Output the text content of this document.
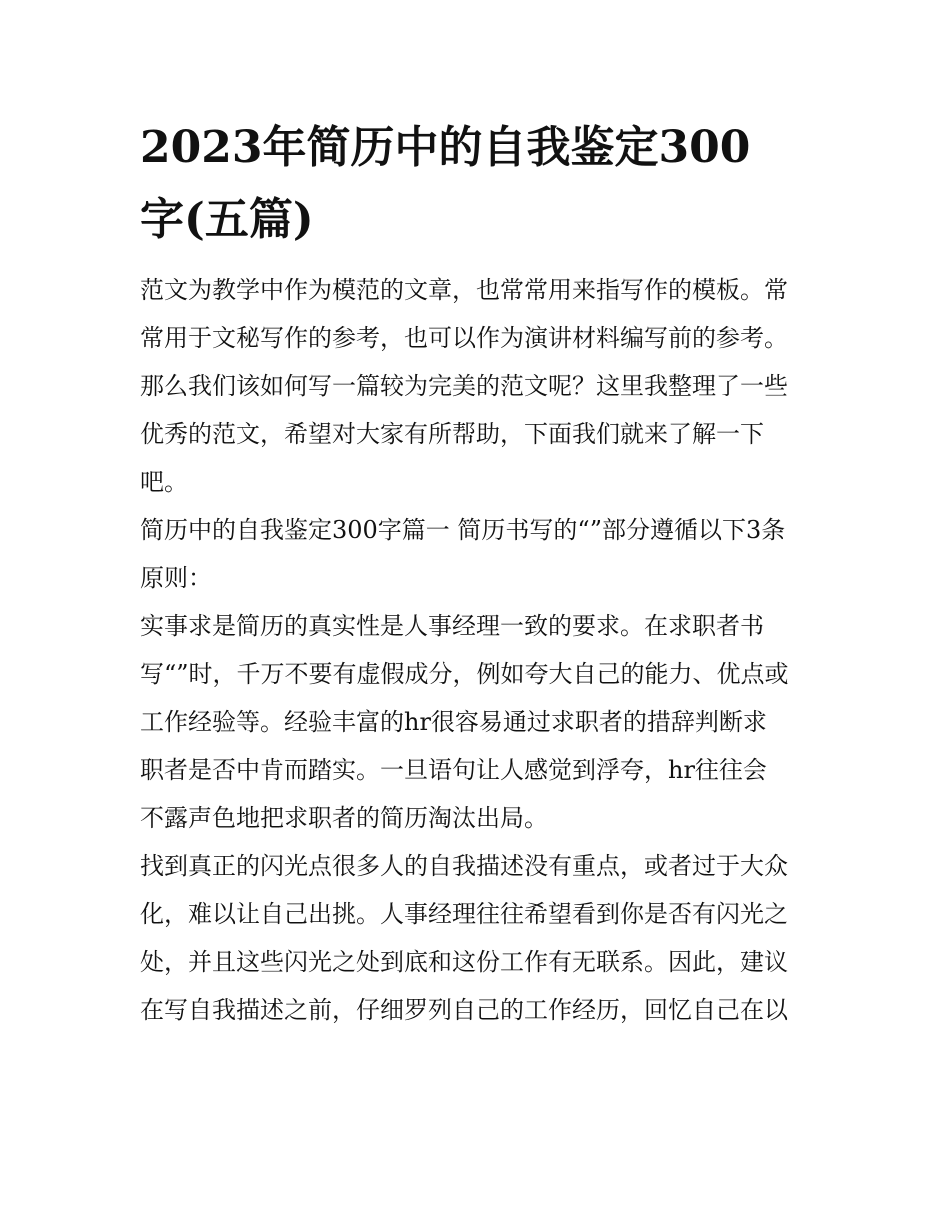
2023年简历中的自我鉴定300
字(五篇)

范文为教学中作为模范的文章，也常常用来指写作的模板。常
常用于文秘写作的参考，也可以作为演讲材料编写前的参考。
那么我们该如何写一篇较为完美的范文呢？这里我整理了一些
优秀的范文，希望对大家有所帮助，下面我们就来了解一下
吧。

简历中的自我鉴定300字篇一 简历书写的“”部分遵循以下3条
原则：

实事求是简历的真实性是人事经理一致的要求。在求职者书
写“”时，千万不要有虚假成分，例如夸大自己的能力、优点或
工作经验等。经验丰富的hr很容易通过求职者的措辞判断求
职者是否中肯而踏实。一旦语句让人感觉到浮夸，hr往往会
不露声色地把求职者的简历淘汰出局。

找到真正的闪光点很多人的自我描述没有重点，或者过于大众
化，难以让自己出挑。人事经理往往希望看到你是否有闪光之
处，并且这些闪光之处到底和这份工作有无联系。因此，建议
在写自我描述之前，仔细罗列自己的工作经历，回忆自己在以
